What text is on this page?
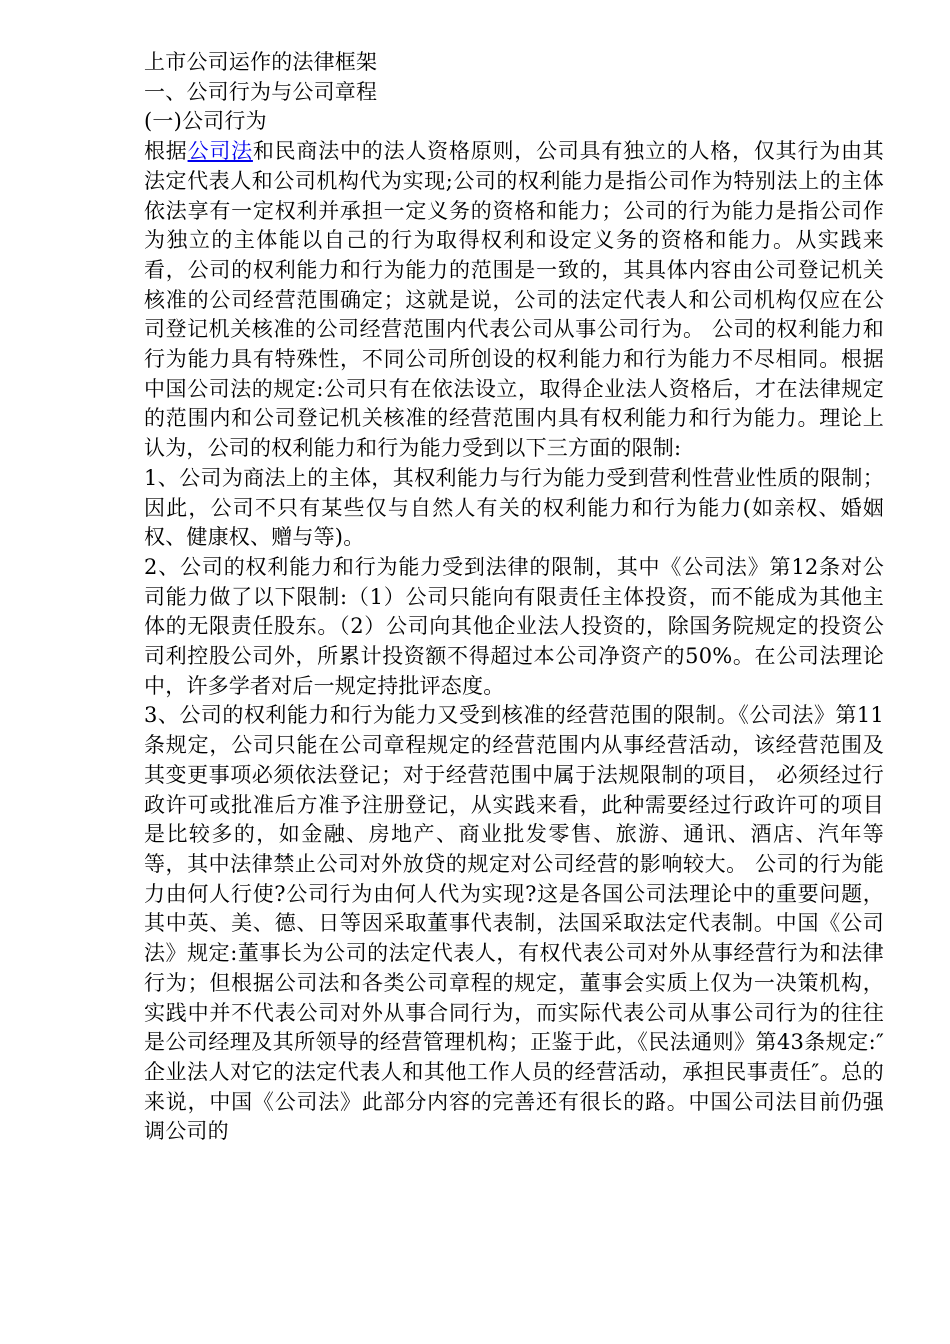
上市公司运作的法律框架

一、公司行为与公司章程

(一)公司行为

根据公司法和民商法中的法人资格原则，公司具有独立的人格，仅其行为由其法定代表人和公司机构代为实现;公司的权利能力是指公司作为特别法上的主体依法享有一定权利并承担一定义务的资格和能力；公司的行为能力是指公司作为独立的主体能以自己的行为取得权利和设定义务的资格和能力。从实践来看，公司的权利能力和行为能力的范围是一致的，其具体内容由公司登记机关核准的公司经营范围确定；这就是说，公司的法定代表人和公司机构仅应在公司登记机关核准的公司经营范围内代表公司从事公司行为。 公司的权利能力和行为能力具有特殊性，不同公司所创设的权利能力和行为能力不尽相同。根据中国公司法的规定:公司只有在依法设立，取得企业法人资格后，才在法律规定的范围内和公司登记机关核准的经营范围内具有权利能力和行为能力。理论上认为，公司的权利能力和行为能力受到以下三方面的限制:

1、公司为商法上的主体，其权利能力与行为能力受到营利性营业性质的限制；因此，公司不只有某些仅与自然人有关的权利能力和行为能力(如亲权、婚姻权、健康权、赠与等)。

2、公司的权利能力和行为能力受到法律的限制，其中《公司法》第12条对公司能力做了以下限制:（1）公司只能向有限责任主体投资，而不能成为其他主体的无限责任股东。（2）公司向其他企业法人投资的，除国务院规定的投资公司利控股公司外，所累计投资额不得超过本公司净资产的50%。在公司法理论中，许多学者对后一规定持批评态度。

3、公司的权利能力和行为能力又受到核准的经营范围的限制。《公司法》第11条规定，公司只能在公司章程规定的经营范围内从事经营活动，该经营范围及其变更事项必须依法登记；对于经营范围中属于法规限制的项目， 必须经过行政许可或批准后方准予注册登记，从实践来看，此种需要经过行政许可的项目是比较多的，如金融、房地产、商业批发零售、旅游、通讯、酒店、汽年等等，其中法律禁止公司对外放贷的规定对公司经营的影响较大。 公司的行为能力由何人行使?公司行为由何人代为实现?这是各国公司法理论中的重要问题，其中英、美、德、日等因采取董事代表制，法国采取法定代表制。中国《公司法》规定:董事长为公司的法定代表人，有权代表公司对外从事经营行为和法律行为；但根据公司法和各类公司章程的规定，董事会实质上仅为一决策机构，实践中并不代表公司对外从事合同行为，而实际代表公司从事公司行为的往往是公司经理及其所领导的经营管理机构；正鉴于此，《民法通则》第43条规定:″企业法人对它的法定代表人和其他工作人员的经营活动，承担民事责任″。总的来说，中国《公司法》此部分内容的完善还有很长的路。中国公司法目前仍强调公司的
